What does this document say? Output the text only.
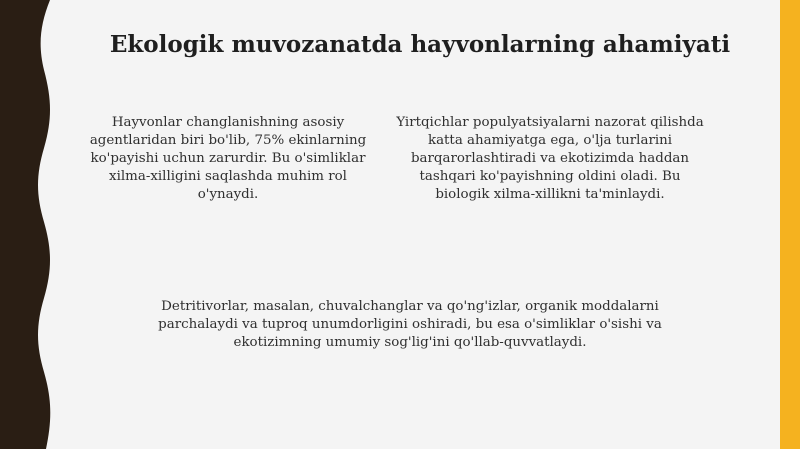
Ekologik muvozanatda hayvonlarning ahamiyati

Hayvonlar changlanishning asosiy agentlaridan biri bo'lib, 75% ekinlarning ko'payishi uchun zarurdir. Bu o'simliklar xilma-xilligini saqlashda muhim rol o'ynaydi.

Yirtqichlar populyatsiyalarni nazorat qilishda katta ahamiyatga ega, o'lja turlarini barqarorlashtiradi va ekotizimda haddan tashqari ko'payishning oldini oladi. Bu biologik xilma-xillikni ta'minlaydi.

Detritivorlar, masalan, chuvalchanglar va qo'ng'izlar, organik moddalarni parchalaydi va tuproq unumdorligini oshiradi, bu esa o'simliklar o'sishi va ekotizimning umumiy sog'lig'ini qo'llab-quvvatlaydi.
